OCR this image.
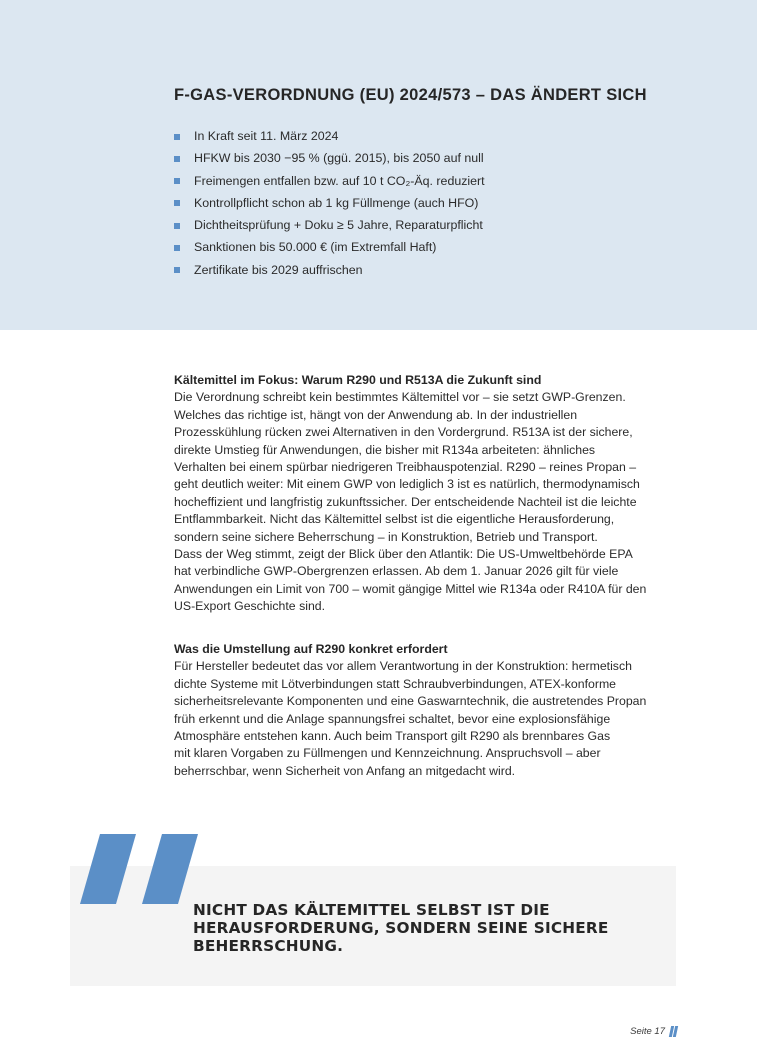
F-GAS-VERORDNUNG (EU) 2024/573 – DAS ÄNDERT SICH
In Kraft seit 11. März 2024
HFKW bis 2030 −95 % (ggü. 2015), bis 2050 auf null
Freimengen entfallen bzw. auf 10 t CO₂-Äq. reduziert
Kontrollpflicht schon ab 1 kg Füllmenge (auch HFO)
Dichtheitsprüfung + Doku ≥ 5 Jahre, Reparaturpflicht
Sanktionen bis 50.000 € (im Extremfall Haft)
Zertifikate bis 2029 auffrischen
Kältemittel im Fokus: Warum R290 und R513A die Zukunft sind

Die Verordnung schreibt kein bestimmtes Kältemittel vor – sie setzt GWP-Grenzen.

Welches das richtige ist, hängt von der Anwendung ab. In der industriellen

Prozesskühlung rücken zwei Alternativen in den Vordergrund. R513A ist der sichere,

direkte Umstieg für Anwendungen, die bisher mit R134a arbeiteten: ähnliches

Verhalten bei einem spürbar niedrigeren Treibhauspotenzial. R290 – reines Propan –

geht deutlich weiter: Mit einem GWP von lediglich 3 ist es natürlich, thermodynamisch

hocheffizient und langfristig zukunftssicher. Der entscheidende Nachteil ist die leichte

Entflammbarkeit. Nicht das Kältemittel selbst ist die eigentliche Herausforderung,

sondern seine sichere Beherrschung – in Konstruktion, Betrieb und Transport.

Dass der Weg stimmt, zeigt der Blick über den Atlantik: Die US-Umweltbehörde EPA

hat verbindliche GWP-Obergrenzen erlassen. Ab dem 1. Januar 2026 gilt für viele

Anwendungen ein Limit von 700 – womit gängige Mittel wie R134a oder R410A für den

US-Export Geschichte sind.

Was die Umstellung auf R290 konkret erfordert

Für Hersteller bedeutet das vor allem Verantwortung in der Konstruktion: hermetisch

dichte Systeme mit Lötverbindungen statt Schraubverbindungen, ATEX-konforme

sicherheitsrelevante Komponenten und eine Gaswarntechnik, die austretendes Propan

früh erkennt und die Anlage spannungsfrei schaltet, bevor eine explosionsfähige

Atmosphäre entstehen kann. Auch beim Transport gilt R290 als brennbares Gas

mit klaren Vorgaben zu Füllmengen und Kennzeichnung. Anspruchsvoll – aber

beherrschbar, wenn Sicherheit von Anfang an mitgedacht wird.

NICHT DAS KÄLTEMITTEL SELBST IST DIE
HERAUSFORDERUNG, SONDERN SEINE SICHERE
BEHERRSCHUNG.
Seite 17
